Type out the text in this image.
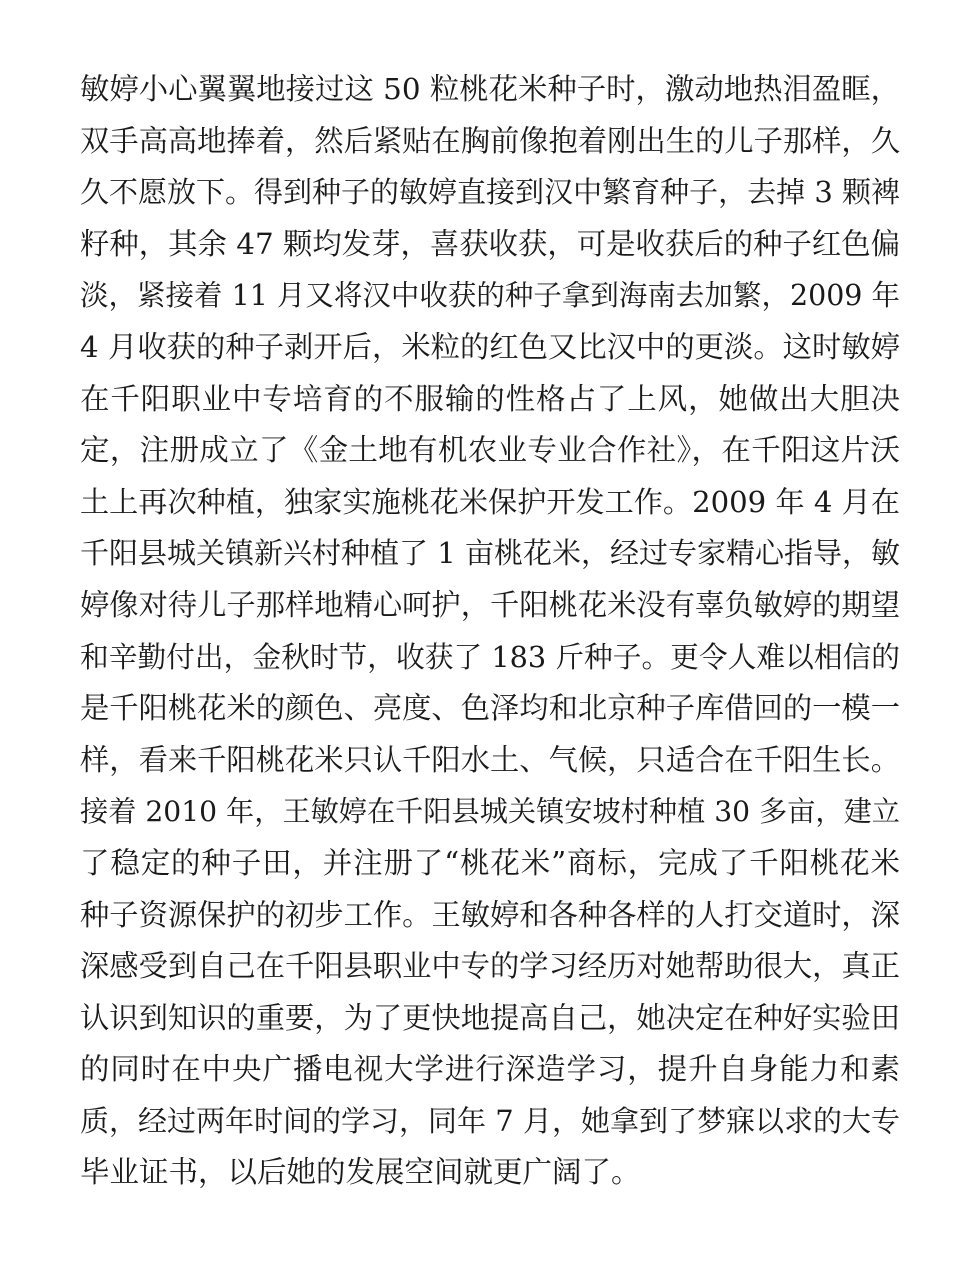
敏婷小心翼翼地接过这 50 粒桃花米种子时，激动地热泪盈眶，
双手高高地捧着，然后紧贴在胸前像抱着刚出生的儿子那样，久
久不愿放下。得到种子的敏婷直接到汉中繁育种子，去掉 3 颗裨
籽种，其余 47 颗均发芽，喜获收获，可是收获后的种子红色偏
淡，紧接着 11 月又将汉中收获的种子拿到海南去加繁，2009 年
4 月收获的种子剥开后，米粒的红色又比汉中的更淡。这时敏婷
在千阳职业中专培育的不服输的性格占了上风，她做出大胆决
定，注册成立了《金土地有机农业专业合作社》，在千阳这片沃
土上再次种植，独家实施桃花米保护开发工作。2009 年 4 月在
千阳县城关镇新兴村种植了 1 亩桃花米，经过专家精心指导，敏
婷像对待儿子那样地精心呵护，千阳桃花米没有辜负敏婷的期望
和辛勤付出，金秋时节，收获了 183 斤种子。更令人难以相信的
是千阳桃花米的颜色、亮度、色泽均和北京种子库借回的一模一
样，看来千阳桃花米只认千阳水土、气候，只适合在千阳生长。
接着 2010 年，王敏婷在千阳县城关镇安坡村种植 30 多亩，建立
了稳定的种子田，并注册了“桃花米”商标，完成了千阳桃花米
种子资源保护的初步工作。王敏婷和各种各样的人打交道时，深
深感受到自己在千阳县职业中专的学习经历对她帮助很大，真正
认识到知识的重要，为了更快地提高自己，她决定在种好实验田
的同时在中央广播电视大学进行深造学习，提升自身能力和素
质，经过两年时间的学习，同年 7 月，她拿到了梦寐以求的大专
毕业证书，以后她的发展空间就更广阔了。
